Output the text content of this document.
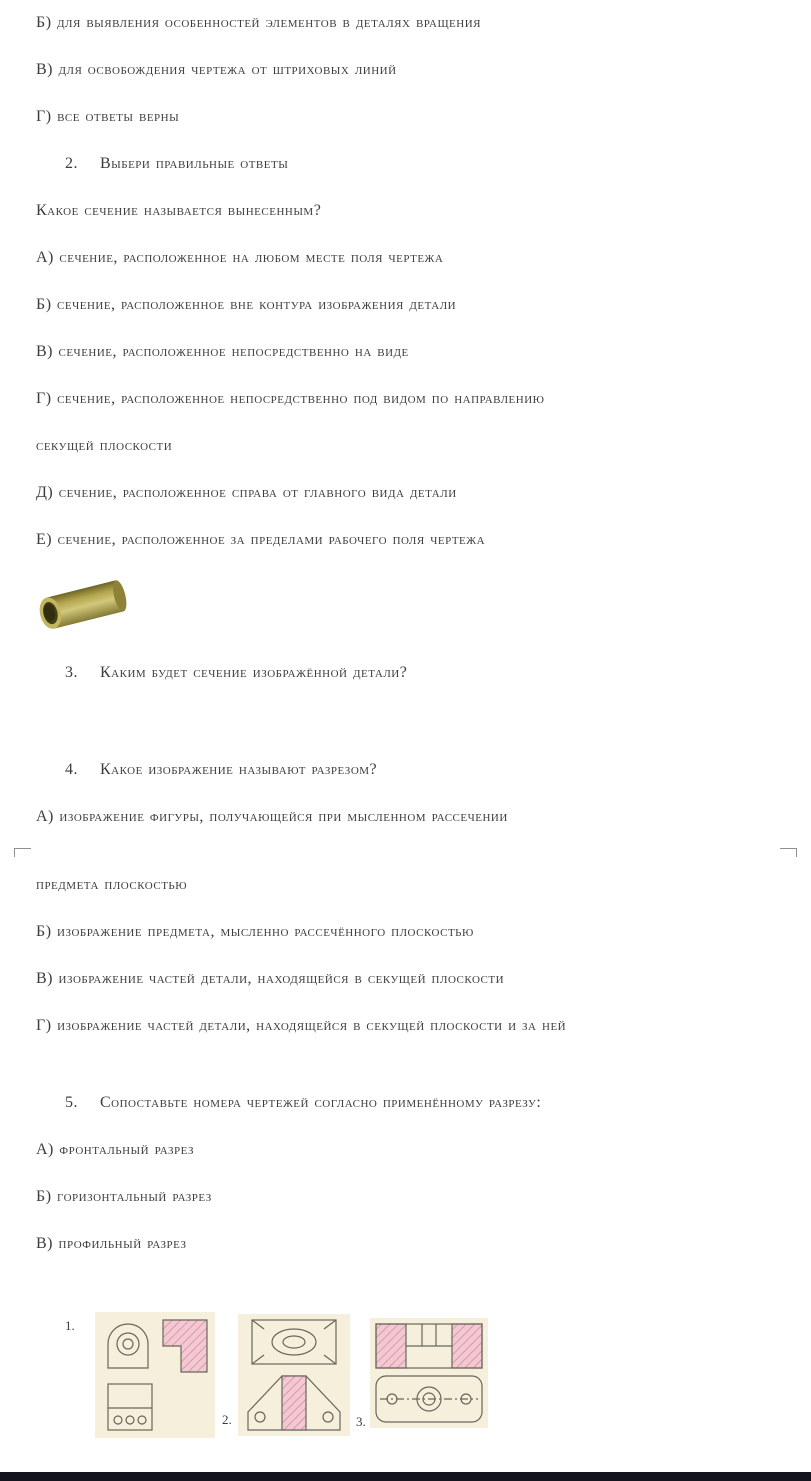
Б) для выявления особенностей элементов в деталях вращения

В) для освобождения чертежа от штриховых линий

Г) все ответы верны

2. Выбери правильные ответы

Какое сечение называется вынесенным?

А) сечение, расположенное на любом месте поля чертежа

Б) сечение, расположенное вне контура изображения детали

В) сечение, расположенное непосредственно на виде

Г) сечение, расположенное непосредственно под видом по направлению

секущей плоскости

Д) сечение, расположенное справа от главного вида детали

Е) сечение, расположенное за пределами рабочего поля чертежа

3. Каким будет сечение изображённой детали?

4. Какое изображение называют разрезом?

А) изображение фигуры, получающейся при мысленном рассечении

предмета плоскостью

Б) изображение предмета, мысленно рассечённого плоскостью

В) изображение частей детали, находящейся в секущей плоскости

Г) изображение частей детали, находящейся в секущей плоскости и за ней

5. Сопоставьте номера чертежей согласно применённому разрезу:

А) фронтальный разрез

Б) горизонтальный разрез

В) профильный разрез

1.
2.	3.
